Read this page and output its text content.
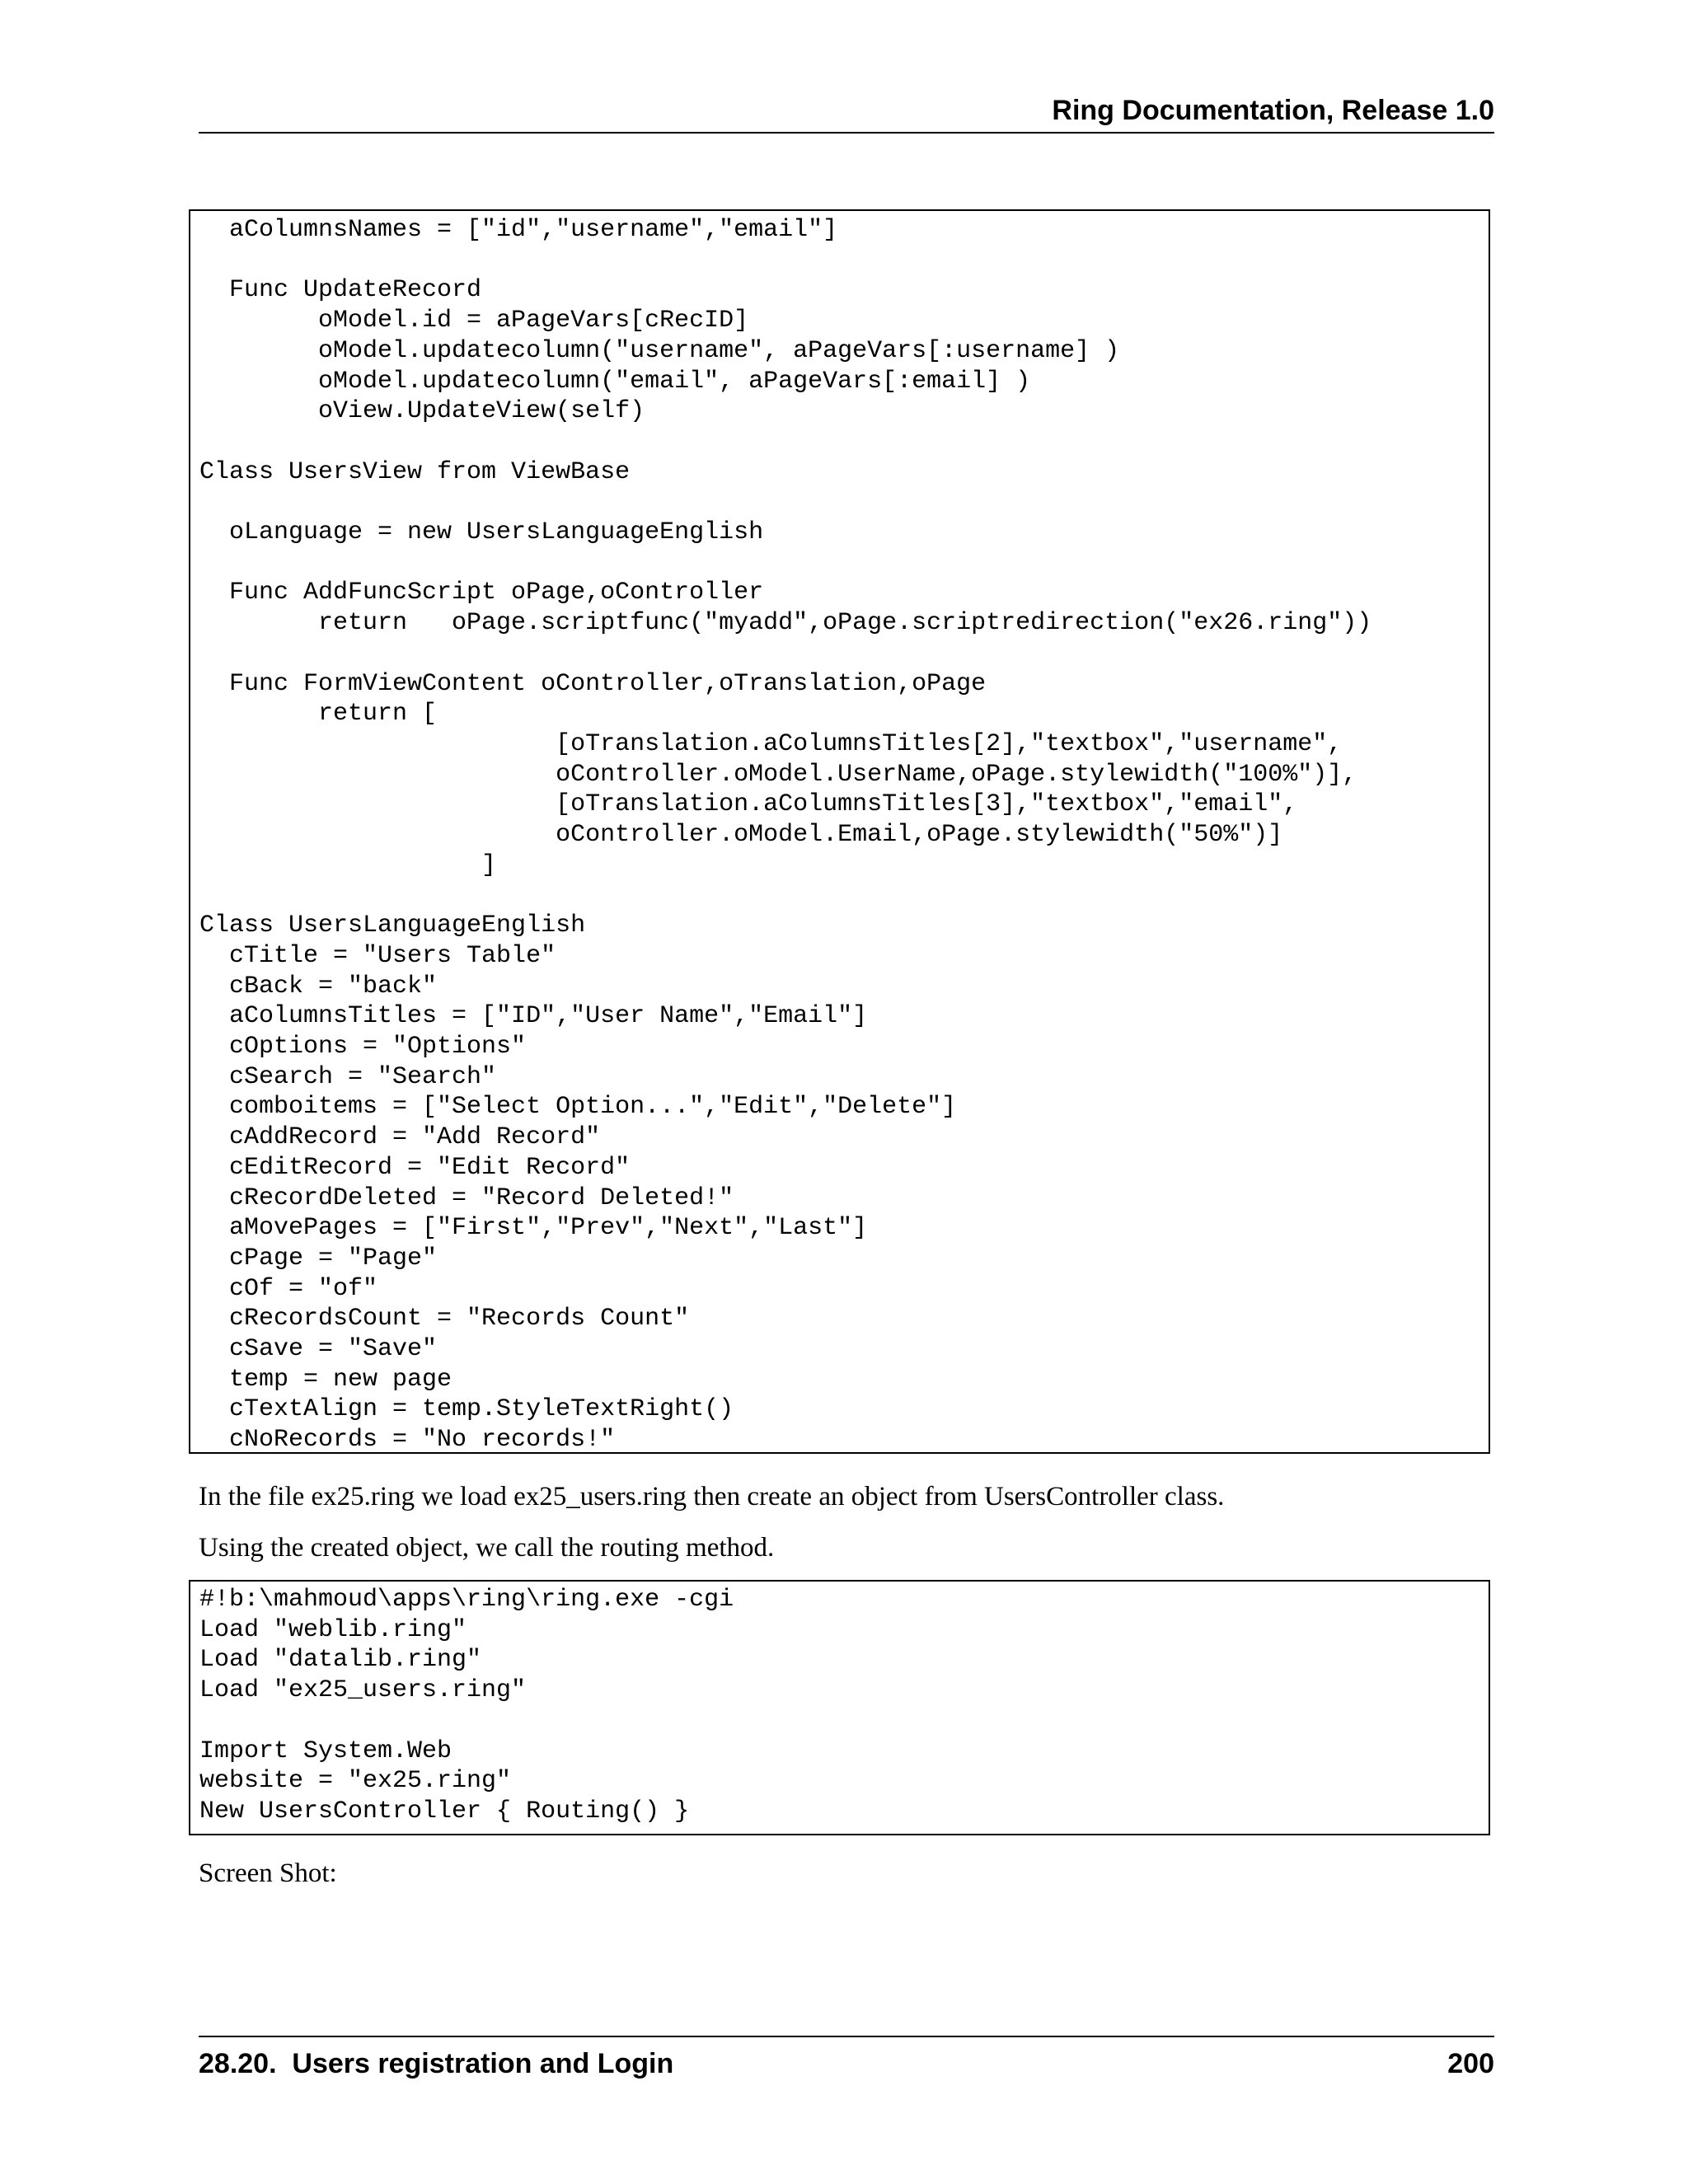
Ring Documentation, Release 1.0
aColumnsNames = ["id","username","email"]

Func UpdateRecord
oModel.id = aPageVars[cRecID]
oModel.updatecolumn("username", aPageVars[:username] )
oModel.updatecolumn("email", aPageVars[:email] )
oView.UpdateView(self)

Class UsersView from ViewBase

oLanguage = new UsersLanguageEnglish

Func AddFuncScript oPage,oController
return   oPage.scriptfunc("myadd",oPage.scriptredirection("ex26.ring"))

Func FormViewContent oController,oTranslation,oPage
return [
[oTranslation.aColumnsTitles[2],"textbox","username",
oController.oModel.UserName,oPage.stylewidth("100%")],
[oTranslation.aColumnsTitles[3],"textbox","email",
oController.oModel.Email,oPage.stylewidth("50%")]
]

Class UsersLanguageEnglish
cTitle = "Users Table"
cBack = "back"
aColumnsTitles = ["ID","User Name","Email"]
cOptions = "Options"
cSearch = "Search"
comboitems = ["Select Option...","Edit","Delete"]
cAddRecord = "Add Record"
cEditRecord = "Edit Record"
cRecordDeleted = "Record Deleted!"
aMovePages = ["First","Prev","Next","Last"]
cPage = "Page"
cOf = "of"
cRecordsCount = "Records Count"
cSave = "Save"
temp = new page
cTextAlign = temp.StyleTextRight()
cNoRecords = "No records!"

In the file ex25.ring we load ex25_users.ring then create an object from UsersController class.

Using the created object, we call the routing method.

#!b:\mahmoud\apps\ring\ring.exe -cgi
Load "weblib.ring"
Load "datalib.ring"
Load "ex25_users.ring"

Import System.Web
website = "ex25.ring"
New UsersController { Routing() }

Screen Shot:

28.20.  Users registration and Login	200
